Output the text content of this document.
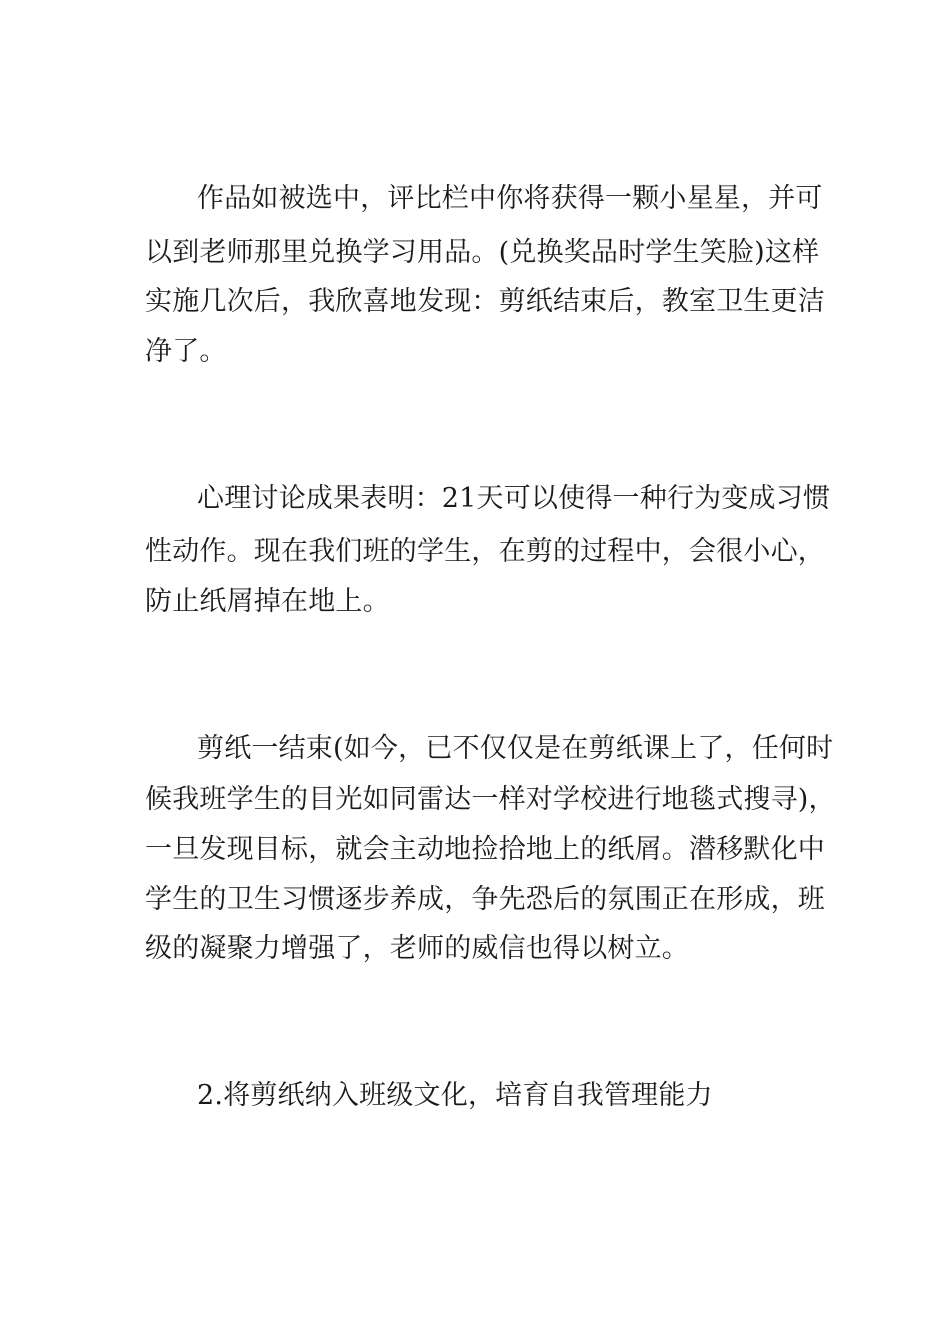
作品如被选中，评比栏中你将获得一颗小星星，并可
以到老师那里兑换学习用品。(兑换奖品时学生笑脸)这样
实施几次后，我欣喜地发现：剪纸结束后，教室卫生更洁
净了。
心理讨论成果表明：21天可以使得一种行为变成习惯
性动作。现在我们班的学生，在剪的过程中，会很小心，
防止纸屑掉在地上。
剪纸一结束(如今，已不仅仅是在剪纸课上了，任何时
候我班学生的目光如同雷达一样对学校进行地毯式搜寻)，
一旦发现目标，就会主动地捡拾地上的纸屑。潜移默化中
学生的卫生习惯逐步养成，争先恐后的氛围正在形成，班
级的凝聚力增强了，老师的威信也得以树立。
2.将剪纸纳入班级文化，培育自我管理能力
